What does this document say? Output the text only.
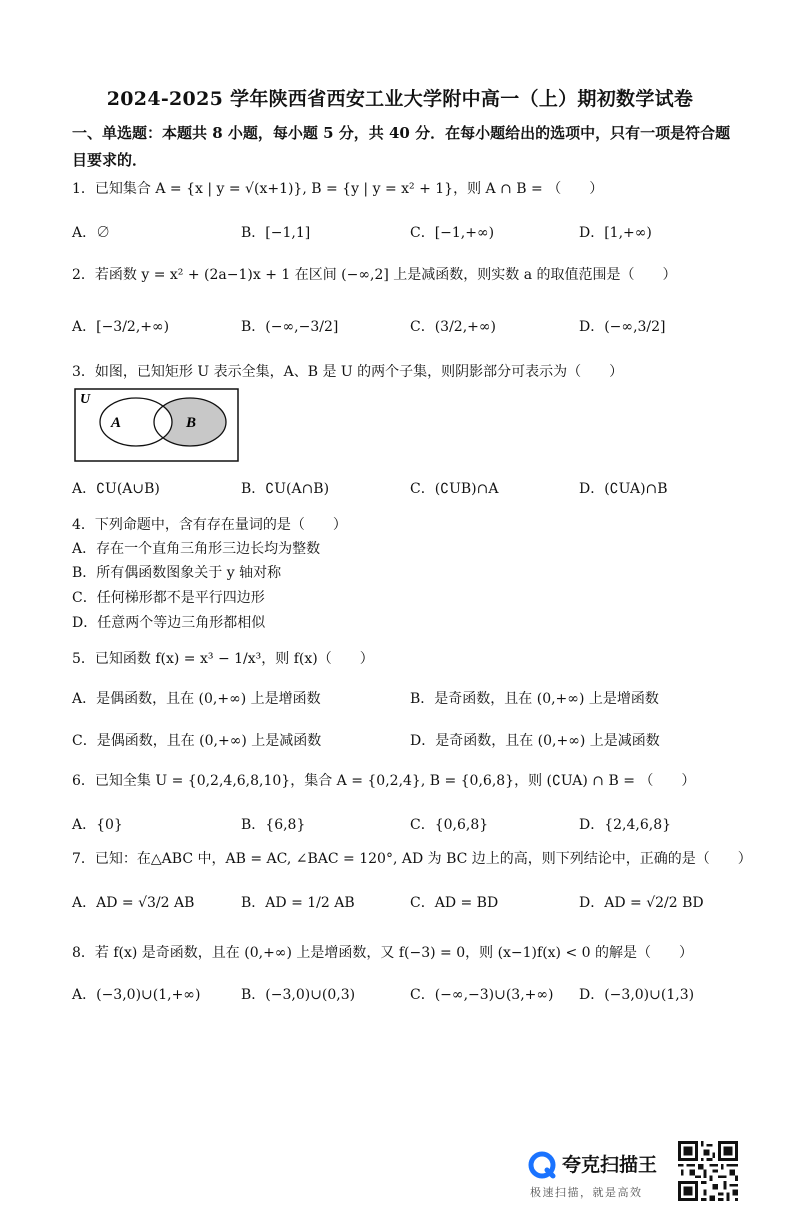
2024-2025 学年陕西省西安工业大学附中高一（上）期初数学试卷
一、单选题：本题共 8 小题，每小题 5 分，共 40 分．在每小题给出的选项中，只有一项是符合题目要求的．
1．已知集合 A = {x | y = √(x+1)}, B = {y | y = x² + 1}，则 A ∩ B = （　　）
A．∅	B．[−1,1]	C．[−1,+∞)	D．[1,+∞)
2．若函数 y = x² + (2a−1)x + 1 在区间 (−∞,2] 上是减函数，则实数 a 的取值范围是（　　）
A．[−3/2,+∞)	B．(−∞,−3/2]	C．(3/2,+∞)	D．(−∞,3/2]
3．如图，已知矩形 U 表示全集，A、B 是 U 的两个子集，则阴影部分可表示为（　　）
U
A	B
A．∁U(A∪B)	B．∁U(A∩B)	C．(∁UB)∩A	D．(∁UA)∩B
4．下列命题中，含有存在量词的是（　　）
A．存在一个直角三角形三边长均为整数
B．所有偶函数图象关于 y 轴对称
C．任何梯形都不是平行四边形
D．任意两个等边三角形都相似
5．已知函数 f(x) = x³ − 1/x³，则 f(x)（　　）
A．是偶函数，且在 (0,+∞) 上是增函数	B．是奇函数，且在 (0,+∞) 上是增函数
C．是偶函数，且在 (0,+∞) 上是减函数	D．是奇函数，且在 (0,+∞) 上是减函数
6．已知全集 U = {0,2,4,6,8,10}，集合 A = {0,2,4}, B = {0,6,8}，则 (∁UA) ∩ B = （　　）
A．{0}	B．{6,8}	C．{0,6,8}	D．{2,4,6,8}
7．已知：在△ABC 中，AB = AC, ∠BAC = 120°, AD 为 BC 边上的高，则下列结论中，正确的是（　　）
A．AD = √3/2 AB	B．AD = 1/2 AB	C．AD = BD	D．AD = √2/2 BD
8．若 f(x) 是奇函数，且在 (0,+∞) 上是增函数，又 f(−3) = 0，则 (x−1)f(x) < 0 的解是（　　）
A．(−3,0)∪(1,+∞)	B．(−3,0)∪(0,3)	C．(−∞,−3)∪(3,+∞) D．(−3,0)∪(1,3)
夸克扫描王
极速扫描，就是高效
